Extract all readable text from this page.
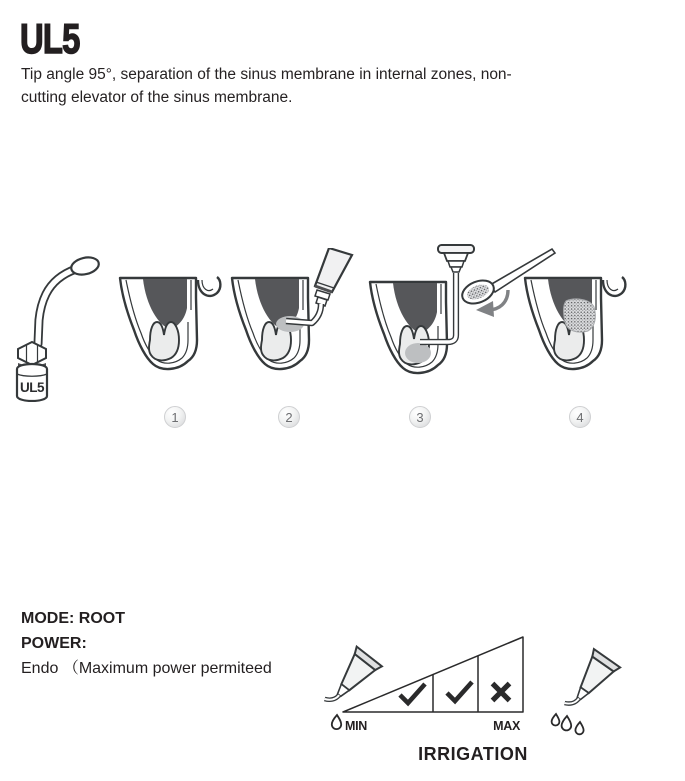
UL5
Tip angle 95°, separation of the sinus membrane in internal zones, non-
cutting elevator of the sinus membrane.
UL5
1	2	3	4
MODE: ROOT
POWER:
Endo （Maximum power permiteed
MIN	MAX
IRRIGATION
